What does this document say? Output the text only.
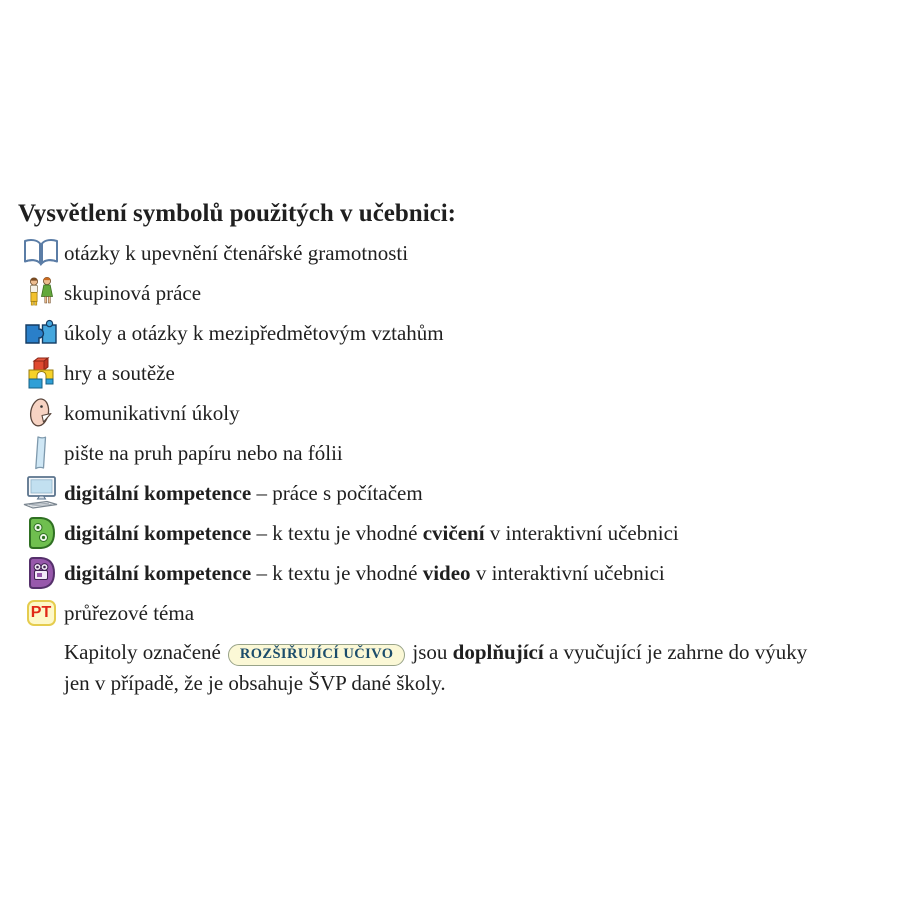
Vysvětlení symbolů použitých v učebnici:
otázky k upevnění čtenářské gramotnosti
skupinová práce
úkoly a otázky k mezipředmětovým vztahům
hry a soutěže
komunikativní úkoly
pište na pruh papíru nebo na fólii
digitální kompetence – práce s počítačem
digitální kompetence – k textu je vhodné cvičení v interaktivní učebnici
digitální kompetence – k textu je vhodné video v interaktivní učebnici
PT průřezové téma
Kapitoly označené ROZŠIŘUJÍCÍ UČIVO jsou doplňující a vyučující je zahrne do výuky
jen v případě, že je obsahuje ŠVP dané školy.
